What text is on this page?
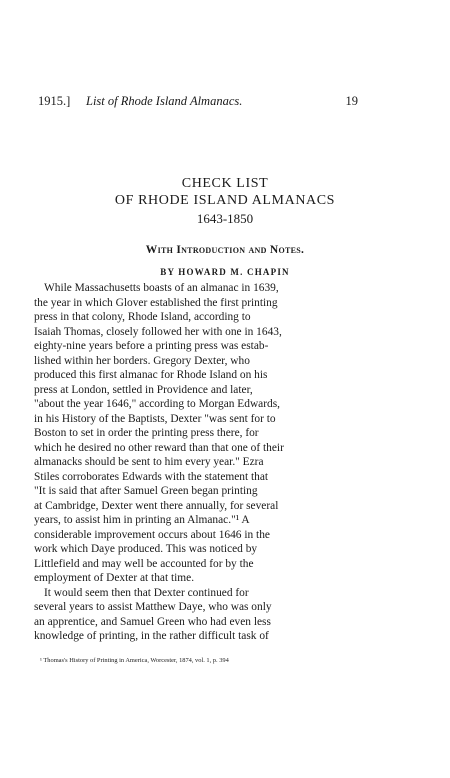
1915.] List of Rhode Island Almanacs.	19
CHECK LIST
OF RHODE ISLAND ALMANACS
1643-1850
With Introduction and Notes.
BY HOWARD M. CHAPIN
While Massachusetts boasts of an almanac in 1639,
the year in which Glover established the first printing
press in that colony, Rhode Island, according to
Isaiah Thomas, closely followed her with one in 1643,
eighty-nine years before a printing press was estab-
lished within her borders. Gregory Dexter, who
produced this first almanac for Rhode Island on his
press at London, settled in Providence and later,
"about the year 1646," according to Morgan Edwards,
in his History of the Baptists, Dexter "was sent for to
Boston to set in order the printing press there, for
which he desired no other reward than that one of their
almanacks should be sent to him every year." Ezra
Stiles corroborates Edwards with the statement that
"It is said that after Samuel Green began printing
at Cambridge, Dexter went there annually, for several
years, to assist him in printing an Almanac."¹ A
considerable improvement occurs about 1646 in the
work which Daye produced. This was noticed by
Littlefield and may well be accounted for by the
employment of Dexter at that time.
It would seem then that Dexter continued for
several years to assist Matthew Daye, who was only
an apprentice, and Samuel Green who had even less
knowledge of printing, in the rather difficult task of
¹ Thomas's History of Printing in America, Worcester, 1874, vol. 1, p. 394
